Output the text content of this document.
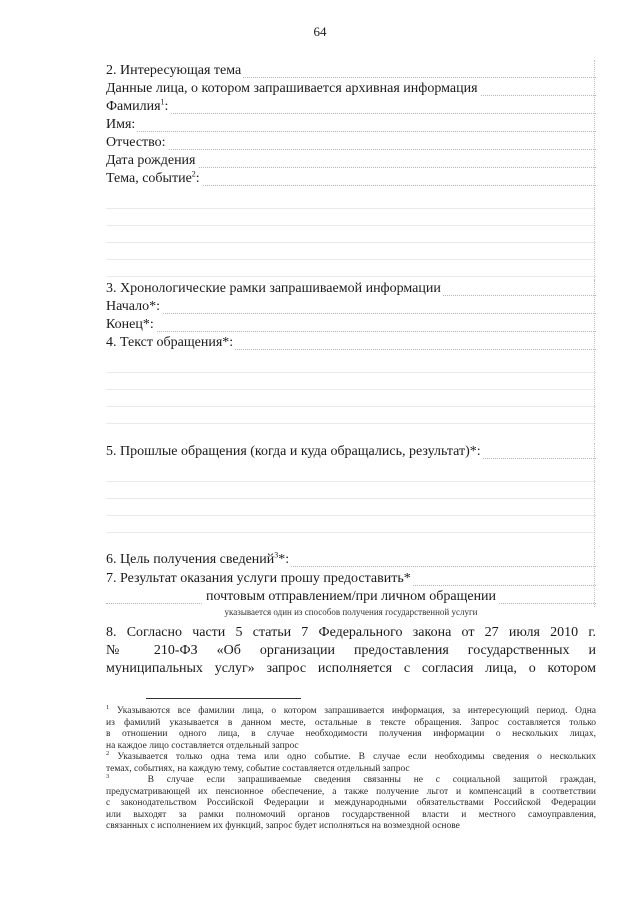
64
2. Интересующая тема
Данные лица, о котором запрашивается архивная информация
Фамилия$^1$:
Имя:
Отчество:
Дата рождения
Тема, событие$^2$:
3. Хронологические рамки запрашиваемой информации
Начало*:
Конец*:
4. Текст обращения*:
5. Прошлые обращения (когда и куда обращались, результат)*:
6. Цель получения сведений$^3$*:
7. Результат оказания услуги прошу предоставить*
почтовым отправлением/при личном обращении
указывается один из способов получения государственной услуги
8. Согласно части 5 статьи 7 Федерального закона от 27 июля 2010 г.
№ 210-ФЗ «Об организации предоставления государственных и
муниципальных услуг» запрос исполняется с согласия лица, о котором
$^1$ Указываются все фамилии лица, о котором запрашивается информация, за интересующий период. Одна
из фамилий указывается в данном месте, остальные в тексте обращения. Запрос составляется только
в отношении одного лица, в случае необходимости получения информации о нескольких лицах,
на каждое лицо составляется отдельный запрос
$^2$ Указывается только одна тема или одно событие. В случае если необходимы сведения о нескольких
темах, событиях, на каждую тему, событие составляется отдельный запрос
$^3$	В случае если запрашиваемые сведения связанны не с социальной защитой граждан,
предусматривающей их пенсионное обеспечение, а также получение льгот и компенсаций в соответствии
с законодательством Российской Федерации и международными обязательствами Российской Федерации
или выходят за рамки полномочий органов государственной власти и местного самоуправления,
связанных с исполнением их функций, запрос будет исполняться на возмездной основе
